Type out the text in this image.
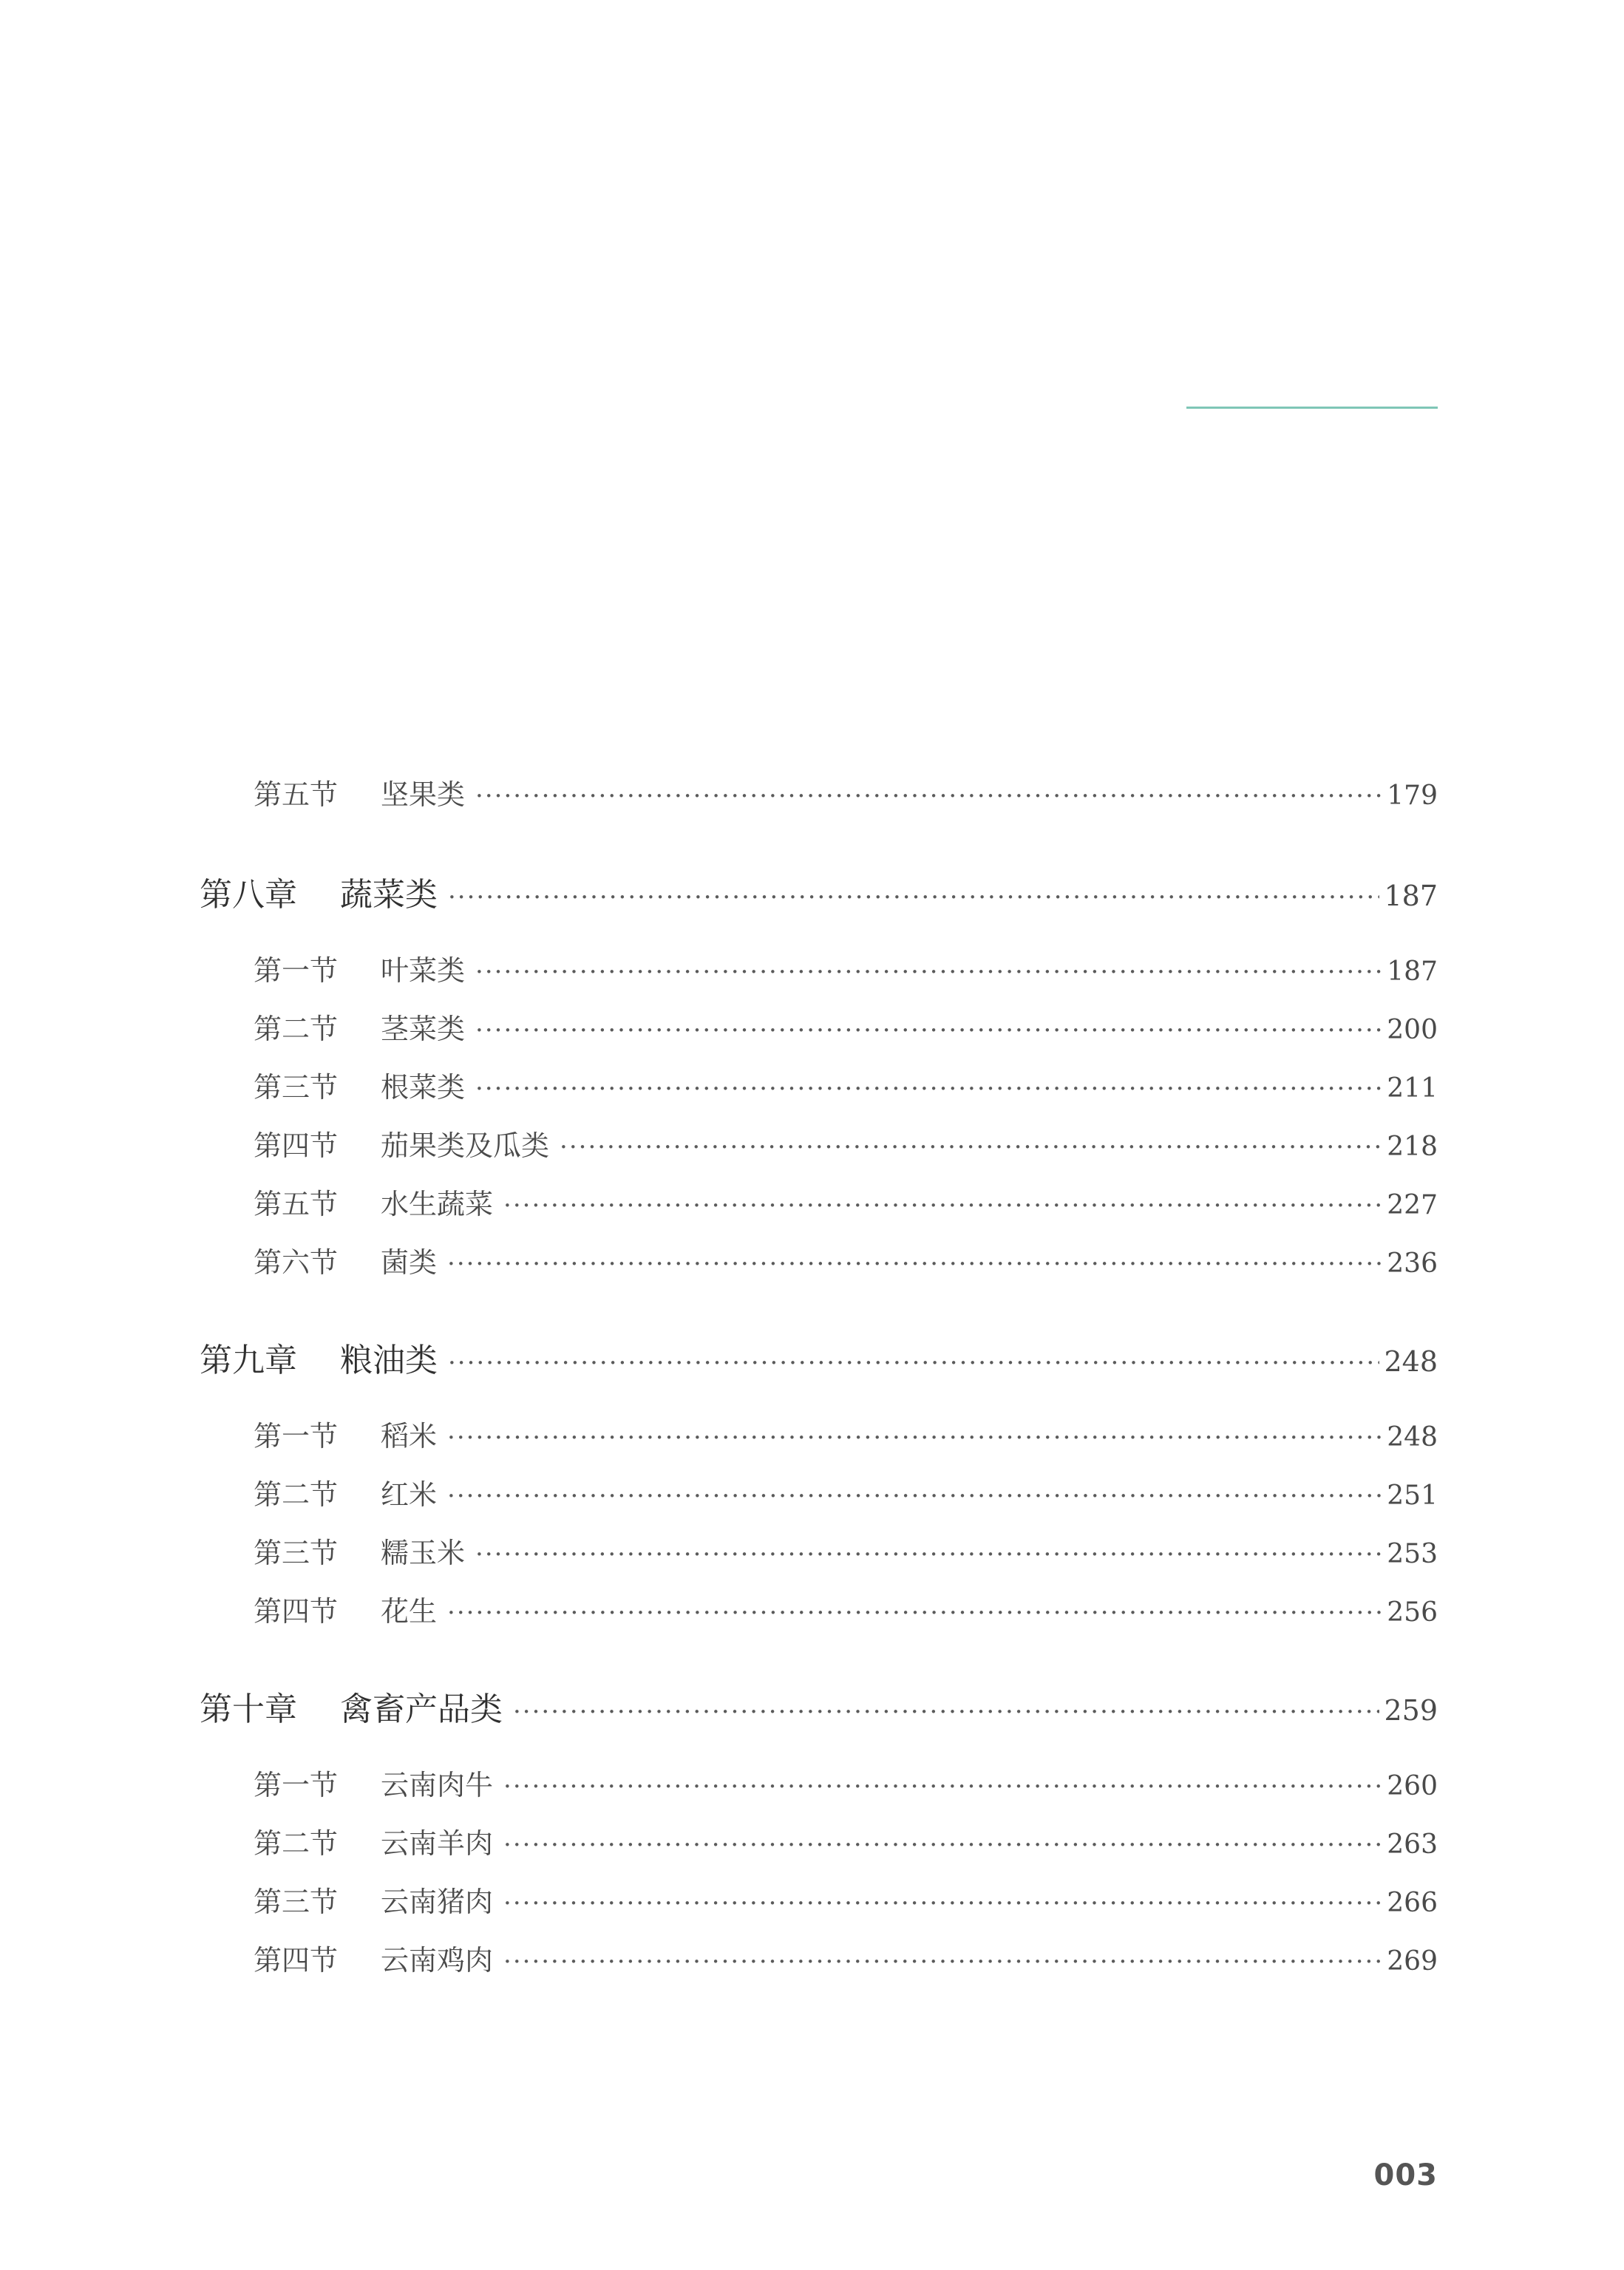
第五节	坚果类 ·····	179
第八章	蔬菜类 ·····	187
第一节	叶菜类 ·····	187
第二节	茎菜类 ·····	200
第三节	根菜类 ·····	211
第四节	茄果类及瓜类 ·····	218
第五节	水生蔬菜 ·····	227
第六节	菌类 ·····	236
第九章	粮油类 ·····	248
第一节	稻米 ·····	248
第二节	红米 ·····	251
第三节	糯玉米 ·····	253
第四节	花生 ·····	256
第十章	禽畜产品类 ·····	259
第一节	云南肉牛 ·····	260
第二节	云南羊肉 ·····	263
第三节	云南猪肉 ·····	266
第四节	云南鸡肉 ·····	269
003
